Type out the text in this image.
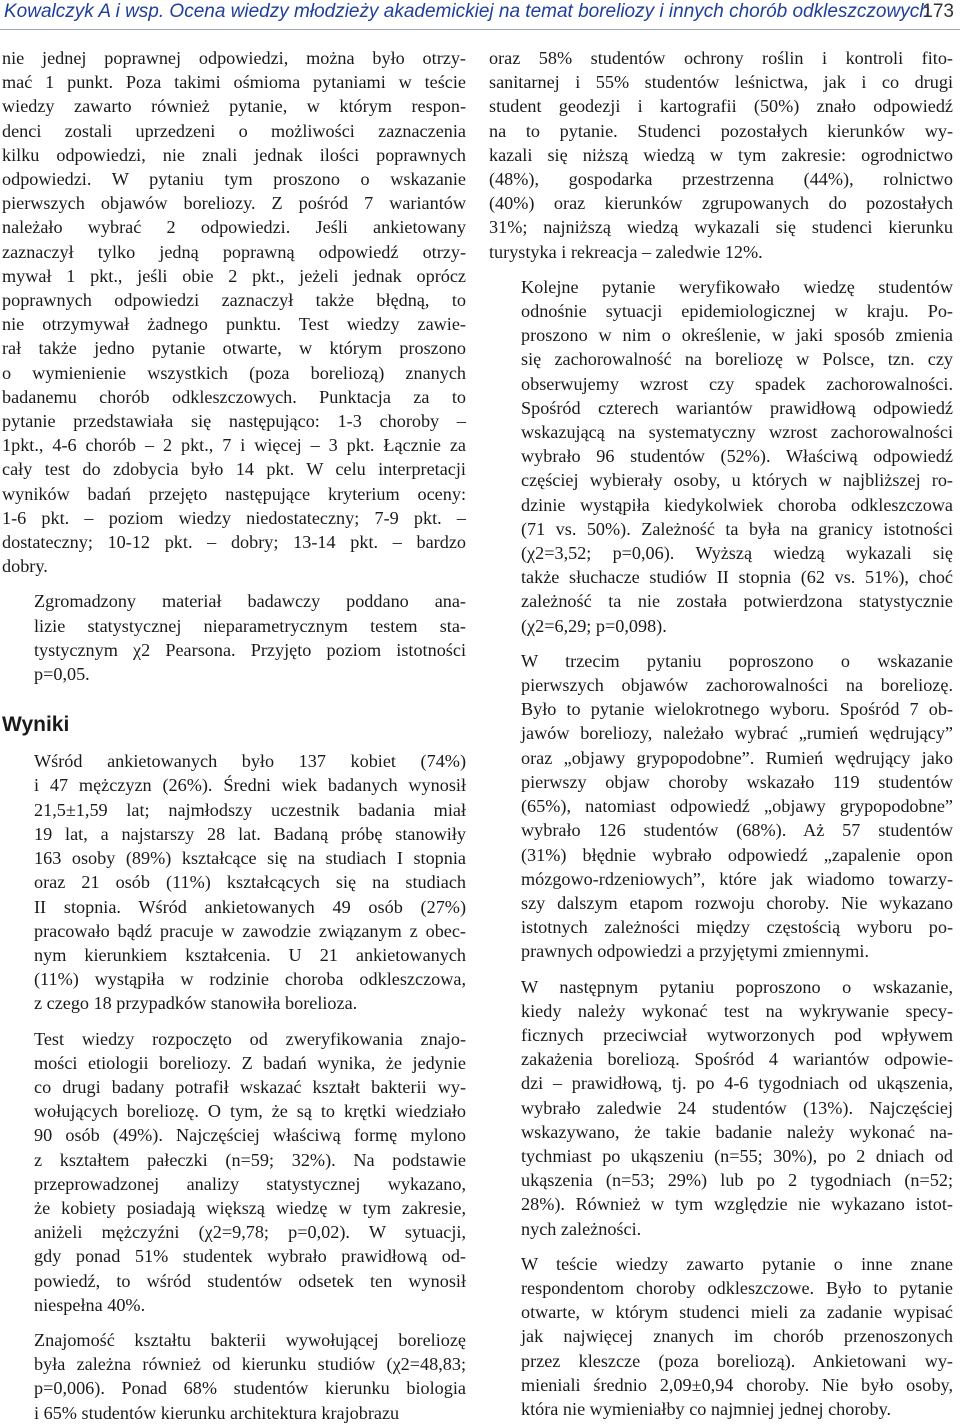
Kowalczyk A i wsp. Ocena wiedzy młodzieży akademickiej na temat boreliozy i innych chorób odkleszczowych
173

nie jednej poprawnej odpowiedzi, można było otrzy-
mać 1 punkt. Poza takimi ośmioma pytaniami w teście
wiedzy zawarto również pytanie, w którym respon-
denci zostali uprzedzeni o możliwości zaznaczenia
kilku odpowiedzi, nie znali jednak ilości poprawnych
odpowiedzi. W pytaniu tym proszono o wskazanie
pierwszych objawów boreliozy. Z pośród 7 wariantów
należało wybrać 2 odpowiedzi. Jeśli ankietowany
zaznaczył tylko jedną poprawną odpowiedź otrzy-
mywał 1 pkt., jeśli obie 2 pkt., jeżeli jednak oprócz
poprawnych odpowiedzi zaznaczył także błędną, to
nie otrzymywał żadnego punktu. Test wiedzy zawie-
rał także jedno pytanie otwarte, w którym proszono
o wymienienie wszystkich (poza boreliozą) znanych
badanemu chorób odkleszczowych. Punktacja za to
pytanie przedstawiała się następująco: 1-3 choroby –
1pkt., 4-6 chorób – 2 pkt., 7 i więcej – 3 pkt. Łącznie za
cały test do zdobycia było 14 pkt. W celu interpretacji
wyników badań przejęto następujące kryterium oceny:
1-6 pkt. – poziom wiedzy niedostateczny; 7-9 pkt. –
dostateczny; 10-12 pkt. – dobry; 13-14 pkt. – bardzo
dobry.

Zgromadzony materiał badawczy poddano ana-
lizie statystycznej nieparametrycznym testem sta-
tystycznym χ2 Pearsona. Przyjęto poziom istotności
p=0,05.

Wyniki

Wśród ankietowanych było 137 kobiet (74%)
i 47 mężczyzn (26%). Średni wiek badanych wynosił
21,5±1,59 lat; najmłodszy uczestnik badania miał
19 lat, a najstarszy 28 lat. Badaną próbę stanowiły
163 osoby (89%) kształcące się na studiach I stopnia
oraz 21 osób (11%) kształcących się na studiach
II stopnia. Wśród ankietowanych 49 osób (27%)
pracowało bądź pracuje w zawodzie związanym z obec-
nym kierunkiem kształcenia. U 21 ankietowanych
(11%) wystąpiła w rodzinie choroba odkleszczowa,
z czego 18 przypadków stanowiła borelioza.

Test wiedzy rozpoczęto od zweryfikowania znajo-
mości etiologii boreliozy. Z badań wynika, że jedynie
co drugi badany potrafił wskazać kształt bakterii wy-
wołujących boreliozę. O tym, że są to krętki wiedziało
90 osób (49%). Najczęściej właściwą formę mylono
z kształtem pałeczki (n=59; 32%). Na podstawie
przeprowadzonej analizy statystycznej wykazano,
że kobiety posiadają większą wiedzę w tym zakresie,
aniżeli mężczyźni (χ2=9,78; p=0,02). W sytuacji,
gdy ponad 51% studentek wybrało prawidłową od-
powiedź, to wśród studentów odsetek ten wynosił
niespełna 40%.

Znajomość kształtu bakterii wywołującej boreliozę
była zależna również od kierunku studiów (χ2=48,83;
p=0,006). Ponad 68% studentów kierunku biologia
i 65% studentów kierunku architektura krajobrazu

oraz 58% studentów ochrony roślin i kontroli fito-
sanitarnej i 55% studentów leśnictwa, jak i co drugi
student geodezji i kartografii (50%) znało odpowiedź
na to pytanie. Studenci pozostałych kierunków wy-
kazali się niższą wiedzą w tym zakresie: ogrodnictwo
(48%), gospodarka przestrzenna (44%), rolnictwo
(40%) oraz kierunków zgrupowanych do pozostałych
31%; najniższą wiedzą wykazali się studenci kierunku
turystyka i rekreacja – zaledwie 12%.

Kolejne pytanie weryfikowało wiedzę studentów
odnośnie sytuacji epidemiologicznej w kraju. Po-
proszono w nim o określenie, w jaki sposób zmienia
się zachorowalność na boreliozę w Polsce, tzn. czy
obserwujemy wzrost czy spadek zachorowalności.
Spośród czterech wariantów prawidłową odpowiedź
wskazującą na systematyczny wzrost zachorowalności
wybrało 96 studentów (52%). Właściwą odpowiedź
częściej wybierały osoby, u których w najbliższej ro-
dzinie wystąpiła kiedykolwiek choroba odkleszczowa
(71 vs. 50%). Zależność ta była na granicy istotności
(χ2=3,52; p=0,06). Wyższą wiedzą wykazali się
także słuchacze studiów II stopnia (62 vs. 51%), choć
zależność ta nie została potwierdzona statystycznie
(χ2=6,29; p=0,098).

W trzecim pytaniu poproszono o wskazanie
pierwszych objawów zachorowalności na boreliozę.
Było to pytanie wielokrotnego wyboru. Spośród 7 ob-
jawów boreliozy, należało wybrać „rumień wędrujący”
oraz „objawy grypopodobne”. Rumień wędrujący jako
pierwszy objaw choroby wskazało 119 studentów
(65%), natomiast odpowiedź „objawy grypopodobne”
wybrało 126 studentów (68%). Aż 57 studentów
(31%) błędnie wybrało odpowiedź „zapalenie opon
mózgowo-rdzeniowych”, które jak wiadomo towarzy-
szy dalszym etapom rozwoju choroby. Nie wykazano
istotnych zależności między częstością wyboru po-
prawnych odpowiedzi a przyjętymi zmiennymi.

W następnym pytaniu poproszono o wskazanie,
kiedy należy wykonać test na wykrywanie specy-
ficznych przeciwciał wytworzonych pod wpływem
zakażenia boreliozą. Spośród 4 wariantów odpowie-
dzi – prawidłową, tj. po 4-6 tygodniach od ukąszenia,
wybrało zaledwie 24 studentów (13%). Najczęściej
wskazywano, że takie badanie należy wykonać na-
tychmiast po ukąszeniu (n=55; 30%), po 2 dniach od
ukąszenia (n=53; 29%) lub po 2 tygodniach (n=52;
28%). Również w tym względzie nie wykazano istot-
nych zależności.

W teście wiedzy zawarto pytanie o inne znane
respondentom choroby odkleszczowe. Było to pytanie
otwarte, w którym studenci mieli za zadanie wypisać
jak najwięcej znanych im chorób przenoszonych
przez kleszcze (poza boreliozą). Ankietowani wy-
mieniali średnio 2,09±0,94 choroby. Nie było osoby,
która nie wymieniałby co najmniej jednej choroby.
